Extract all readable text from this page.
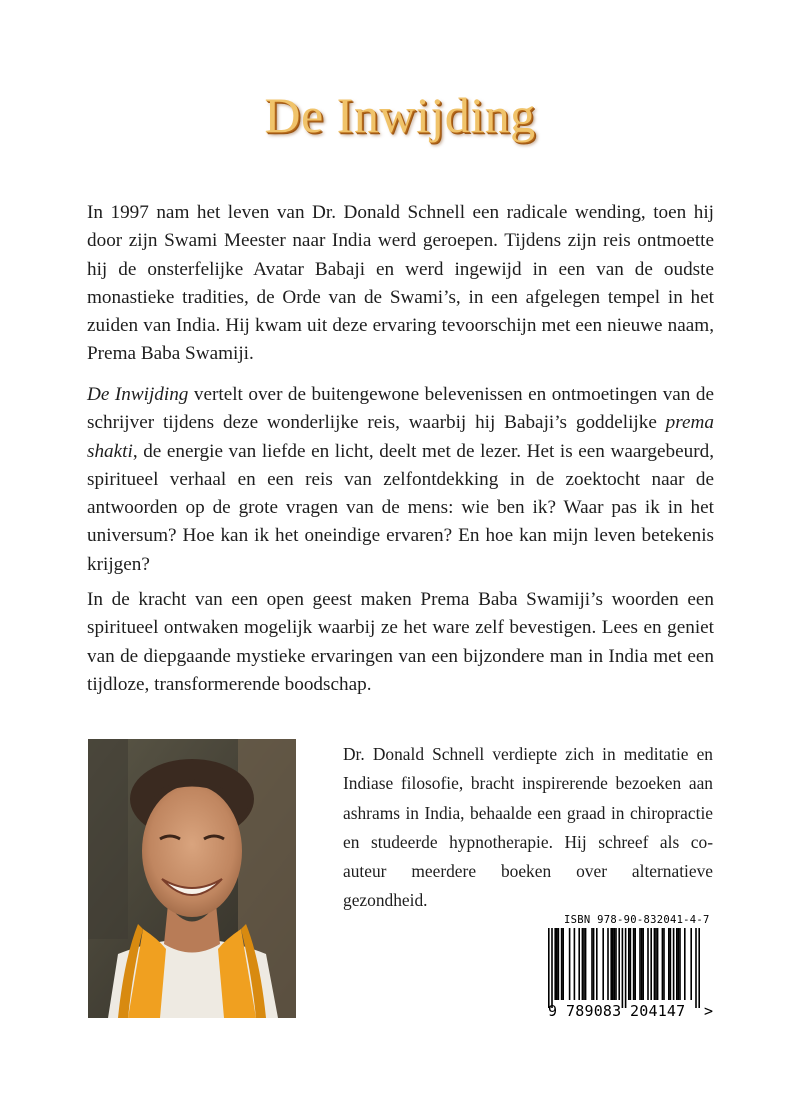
De Inwijding

In 1997 nam het leven van Dr. Donald Schnell een radicale wending, toen hij door zijn Swami Meester naar India werd geroepen. Tijdens zijn reis ontmoette hij de onsterfelijke Avatar Babaji en werd ingewijd in een van de oudste monastieke tradities, de Orde van de Swami’s, in een afgelegen tempel in het zuiden van India. Hij kwam uit deze ervaring tevoorschijn met een nieuwe naam, Prema Baba Swamiji.

De Inwijding vertelt over de buitengewone belevenissen en ontmoetingen van de schrijver tijdens deze wonderlijke reis, waarbij hij Babaji’s goddelijke prema shakti, de energie van liefde en licht, deelt met de lezer. Het is een waargebeurd, spiritueel verhaal en een reis van zelfontdekking in de zoektocht naar de antwoorden op de grote vragen van de mens: wie ben ik? Waar pas ik in het universum? Hoe kan ik het oneindige ervaren? En hoe kan mijn leven betekenis krijgen?

In de kracht van een open geest maken Prema Baba Swamiji’s woorden een spiritueel ontwaken mogelijk waarbij ze het ware zelf bevestigen. Lees en geniet van de diepgaande mystieke ervaringen van een bijzondere man in India met een tijdloze, transformerende boodschap.

Dr. Donald Schnell verdiepte zich in meditatie en Indiase filosofie, bracht inspirerende bezoeken aan ashrams in India, behaalde een graad in chiropractie en studeerde hypnotherapie. Hij schreef als co-auteur meerdere boeken over alternatieve gezondheid.

ISBN 978-90-832041-4-7
9 789083 204147 >
